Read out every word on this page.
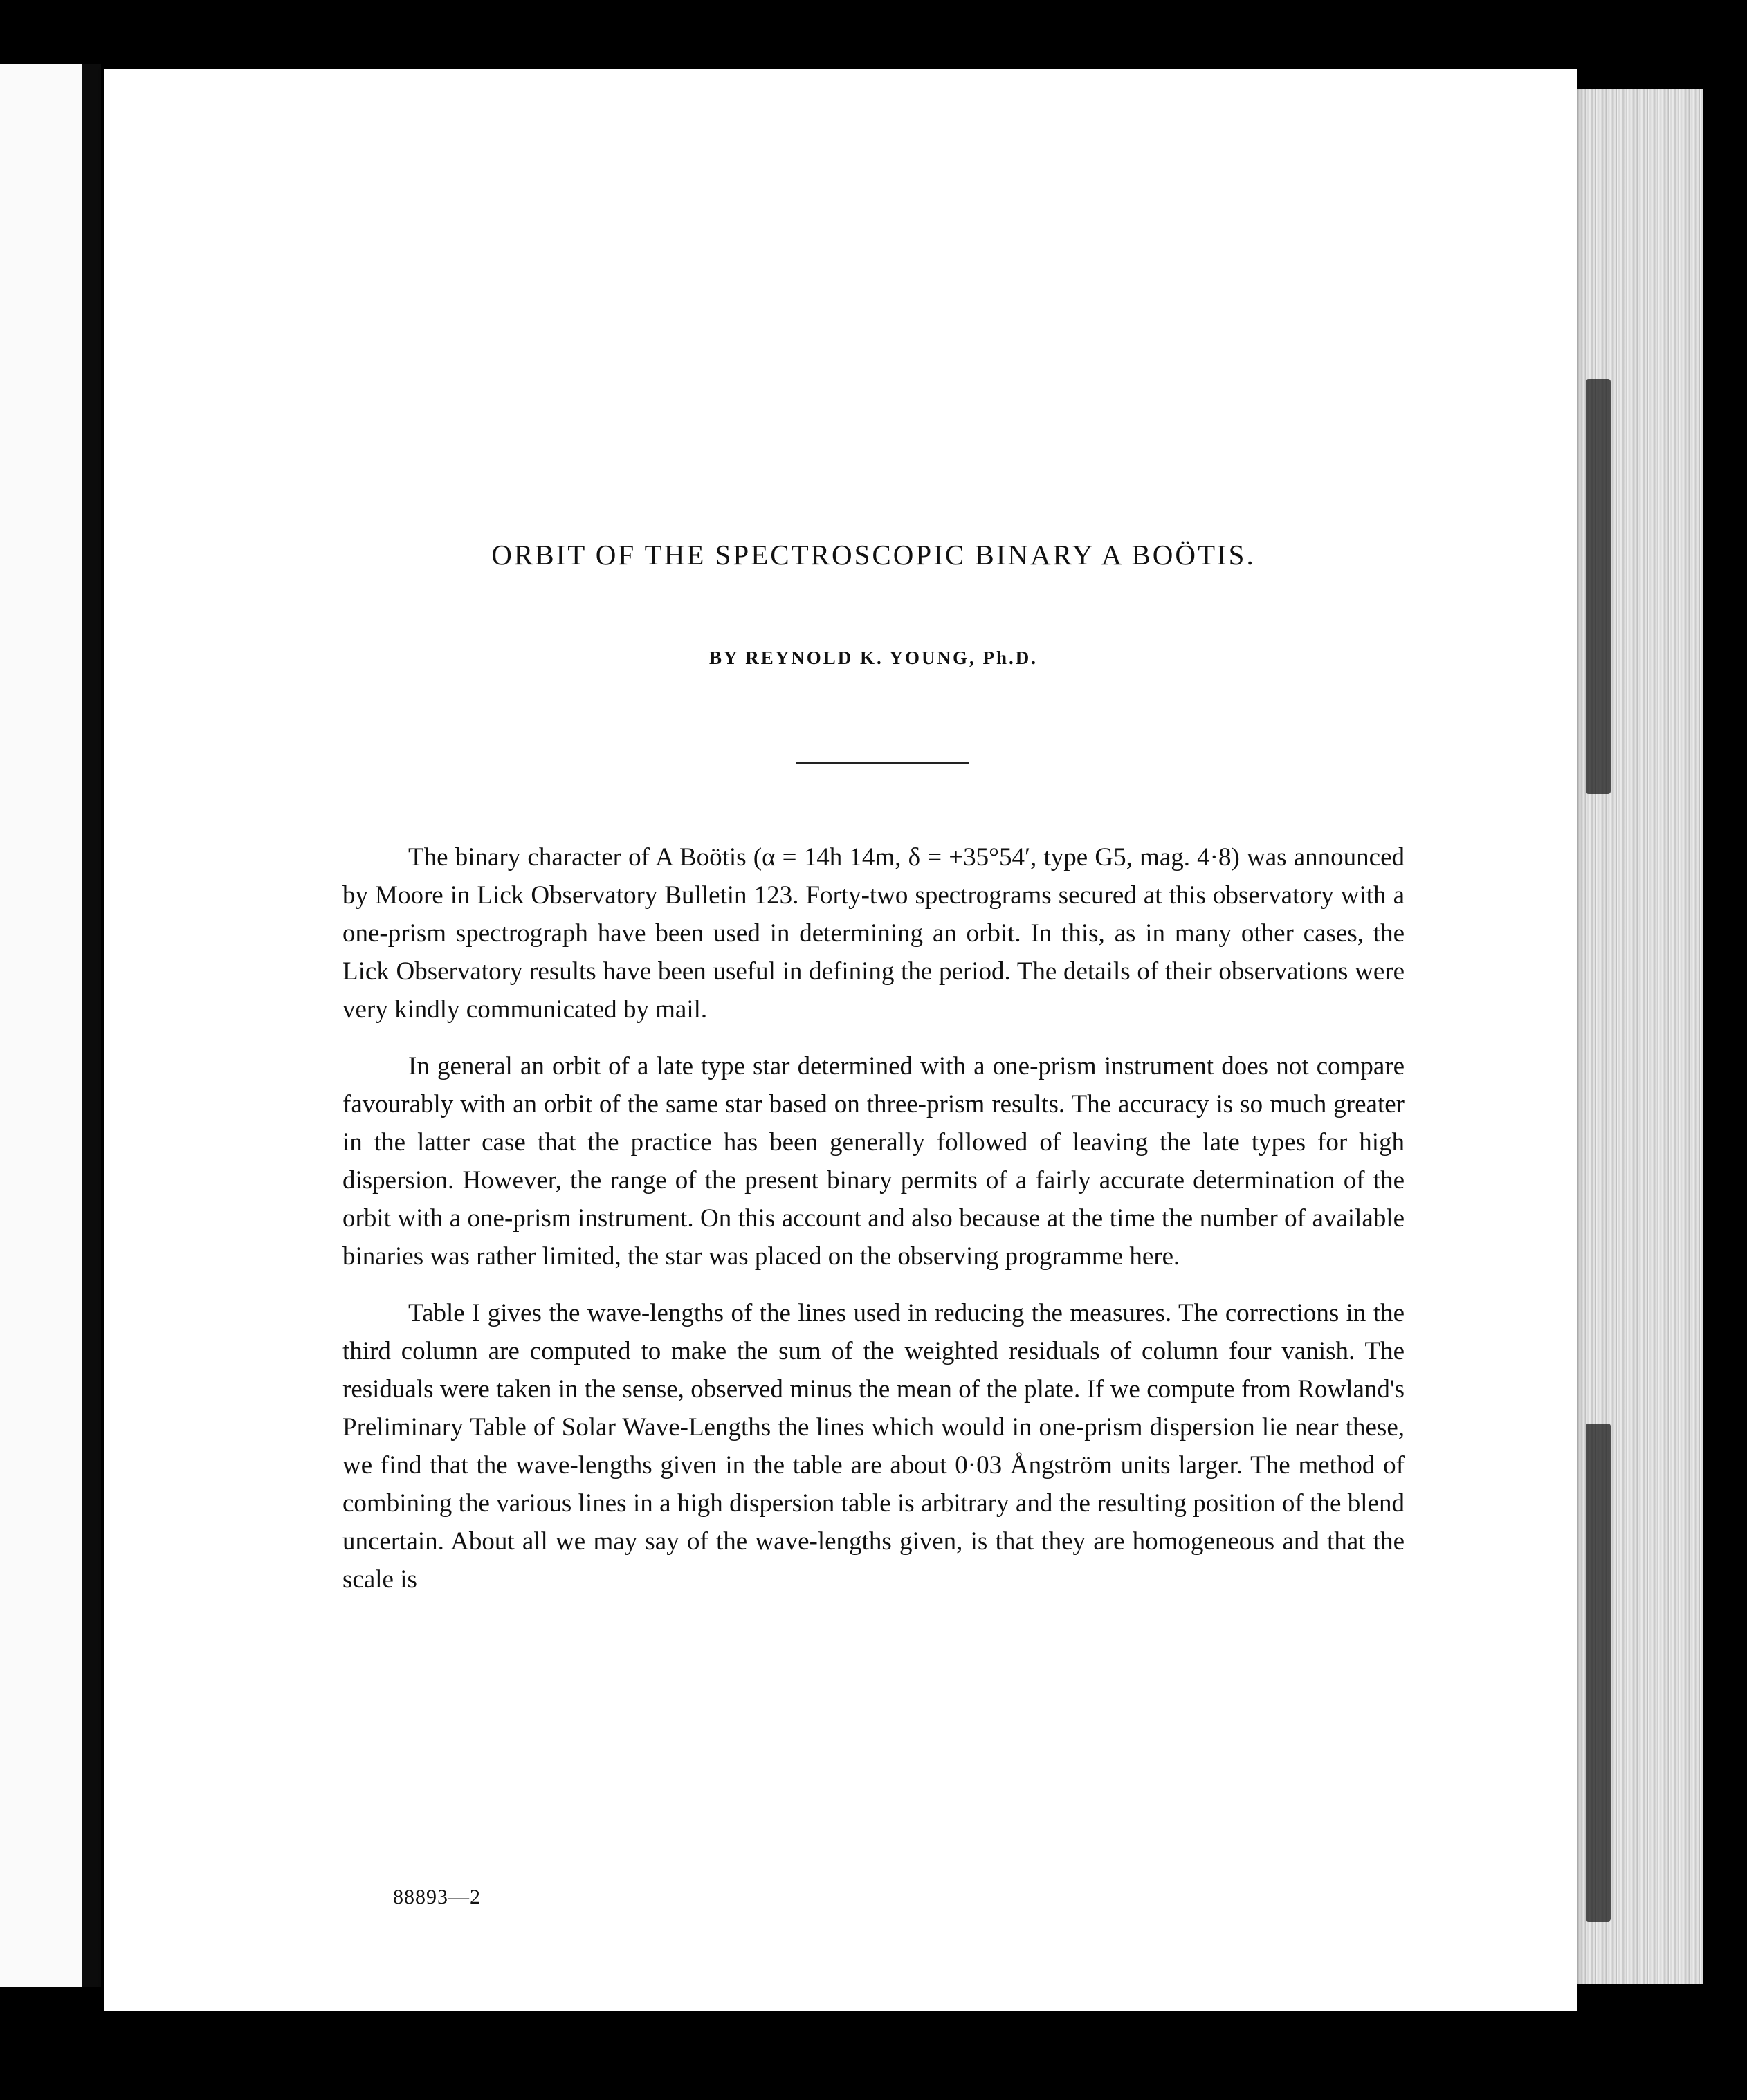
ORBIT OF THE SPECTROSCOPIC BINARY A BOÖTIS.
BY REYNOLD K. YOUNG, Ph.D.

The binary character of A Boötis (α = 14h 14m, δ = +35°54′, type G5, mag. 4·8) was announced by Moore in Lick Observatory Bulletin 123. Forty-two spectrograms secured at this observatory with a one-prism spectrograph have been used in determining an orbit. In this, as in many other cases, the Lick Observatory results have been useful in defining the period. The details of their observations were very kindly communicated by mail.

In general an orbit of a late type star determined with a one-prism instrument does not compare favourably with an orbit of the same star based on three-prism results. The accuracy is so much greater in the latter case that the practice has been generally followed of leaving the late types for high dispersion. However, the range of the present binary permits of a fairly accurate determination of the orbit with a one-prism instrument. On this account and also because at the time the number of available binaries was rather limited, the star was placed on the observing programme here.

Table I gives the wave-lengths of the lines used in reducing the measures. The corrections in the third column are computed to make the sum of the weighted residuals of column four vanish. The residuals were taken in the sense, observed minus the mean of the plate. If we compute from Rowland's Preliminary Table of Solar Wave-Lengths the lines which would in one-prism dispersion lie near these, we find that the wave-lengths given in the table are about 0·03 Ångström units larger. The method of combining the various lines in a high dispersion table is arbitrary and the resulting position of the blend uncertain. About all we may say of the wave-lengths given, is that they are homogeneous and that the scale is

88893—2
